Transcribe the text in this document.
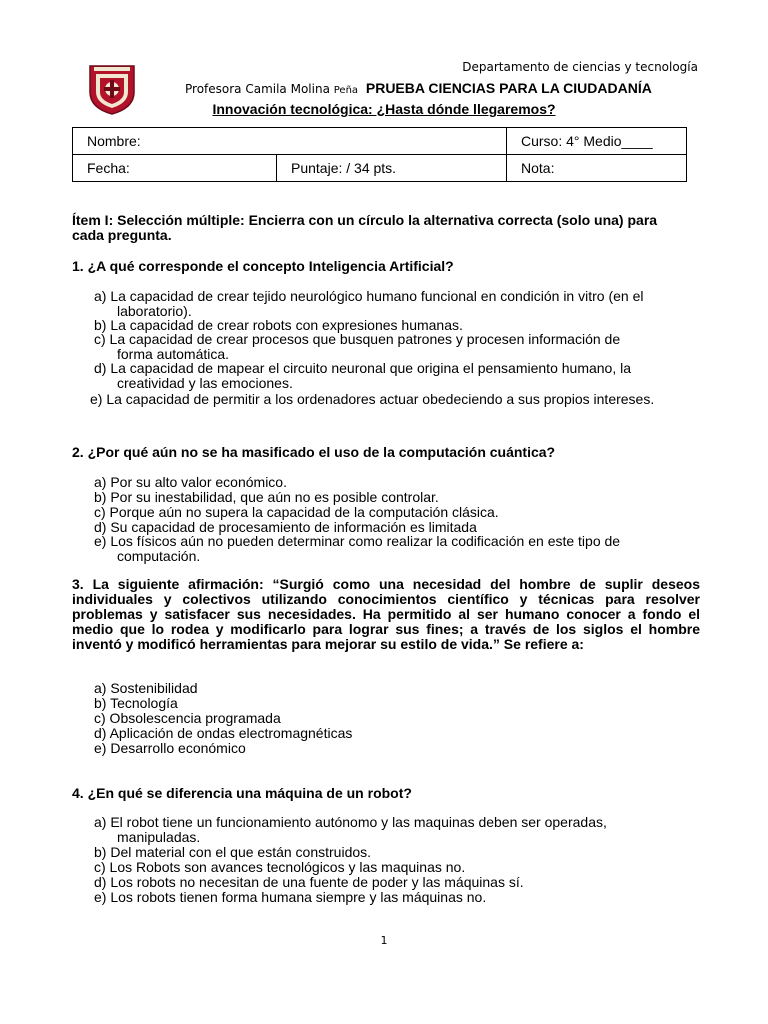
Departamento de ciencias y tecnología
Profesora Camila Molina Peña PRUEBA CIENCIAS PARA LA CIUDADANÍA
Innovación tecnológica: ¿Hasta dónde llegaremos?
Nombre:		Curso: 4° Medio____
Fecha:	Puntaje: / 34 pts.	Nota:
Ítem I: Selección múltiple: Encierra con un círculo la alternativa correcta (solo una) para cada pregunta.
1. ¿A qué corresponde el concepto Inteligencia Artificial?
a) La capacidad de crear tejido neurológico humano funcional en condición in vitro (en el
laboratorio).
b) La capacidad de crear robots con expresiones humanas.
c) La capacidad de crear procesos que busquen patrones y procesen información de
forma automática.
d) La capacidad de mapear el circuito neuronal que origina el pensamiento humano, la
creatividad y las emociones.
e) La capacidad de permitir a los ordenadores actuar obedeciendo a sus propios intereses.
2. ¿Por qué aún no se ha masificado el uso de la computación cuántica?
a) Por su alto valor económico.
b) Por su inestabilidad, que aún no es posible controlar.
c) Porque aún no supera la capacidad de la computación clásica.
d) Su capacidad de procesamiento de información es limitada
e) Los físicos aún no pueden determinar como realizar la codificación en este tipo de
computación.
3. La siguiente afirmación: “Surgió como una necesidad del hombre de suplir deseos individuales y colectivos utilizando conocimientos científico y técnicas para resolver problemas y satisfacer sus necesidades. Ha permitido al ser humano conocer a fondo el medio que lo rodea y modificarlo para lograr sus fines; a través de los siglos el hombre inventó y modificó herramientas para mejorar su estilo de vida.” Se refiere a:
a) Sostenibilidad
b) Tecnología
c) Obsolescencia programada
d) Aplicación de ondas electromagnéticas
e) Desarrollo económico
4. ¿En qué se diferencia una máquina de un robot?
a) El robot tiene un funcionamiento autónomo y las maquinas deben ser operadas,
manipuladas.
b) Del material con el que están construidos.
c) Los Robots son avances tecnológicos y las maquinas no.
d) Los robots no necesitan de una fuente de poder y las máquinas sí.
e) Los robots tienen forma humana siempre y las máquinas no.
1
